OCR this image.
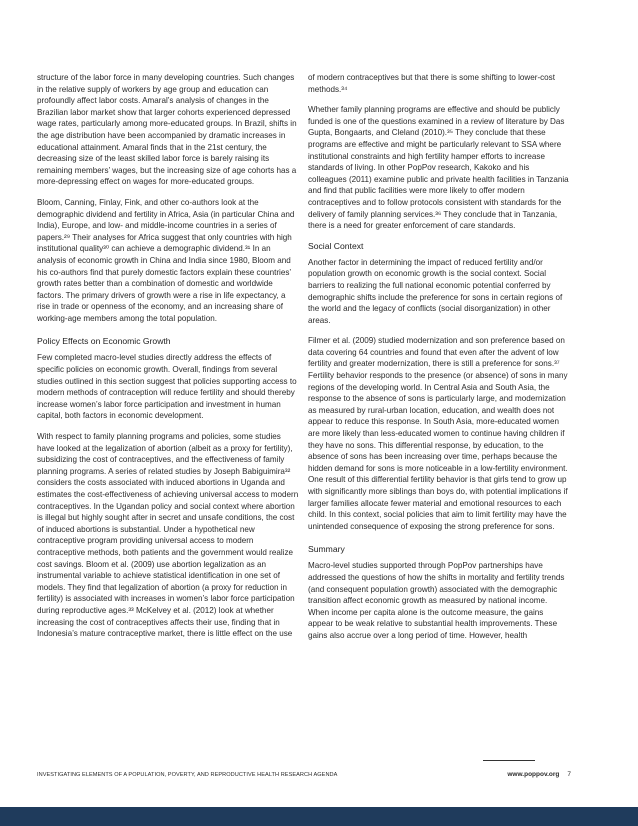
structure of the labor force in many developing countries. Such changes in the relative supply of workers by age group and education can profoundly affect labor costs. Amaral’s analysis of changes in the Brazilian labor market show that larger cohorts experienced depressed wage rates, particularly among more-educated groups. In Brazil, shifts in the age distribution have been accompanied by dramatic increases in educational attainment. Amaral finds that in the 21st century, the decreasing size of the least skilled labor force is barely raising its remaining members’ wages, but the increasing size of age cohorts has a more-depressing effect on wages for more-educated groups.

Bloom, Canning, Finlay, Fink, and other co-authors look at the demographic dividend and fertility in Africa, Asia (in particular China and India), Europe, and low- and middle-income countries in a series of papers.²⁹ Their analyses for Africa suggest that only countries with high institutional quality³⁰ can achieve a demographic dividend.³¹ In an analysis of economic growth in China and India since 1980, Bloom and his co-authors find that purely domestic factors explain these countries’ growth rates better than a combination of domestic and worldwide factors. The primary drivers of growth were a rise in life expectancy, a rise in trade or openness of the economy, and an increasing share of working-age members among the total population.

Policy Effects on Economic Growth

Few completed macro-level studies directly address the effects of specific policies on economic growth. Overall, findings from several studies outlined in this section suggest that policies supporting access to modern methods of contraception will reduce fertility and should thereby increase women’s labor force participation and investment in human capital, both factors in economic development.

With respect to family planning programs and policies, some studies have looked at the legalization of abortion (albeit as a proxy for fertility), subsidizing the cost of contraceptives, and the effectiveness of family planning programs. A series of related studies by Joseph Babiguimira³² considers the costs associated with induced abortions in Uganda and estimates the cost-effectiveness of achieving universal access to modern contraceptives. In the Ugandan policy and social context where abortion is illegal but highly sought after in secret and unsafe conditions, the cost of induced abortions is substantial. Under a hypothetical new contraceptive program providing universal access to modern contraceptive methods, both patients and the government would realize cost savings. Bloom et al. (2009) use abortion legalization as an instrumental variable to achieve statistical identification in one set of models. They find that legalization of abortion (a proxy for reduction in fertility) is associated with increases in women’s labor force participation during reproductive ages.³³ McKelvey et al. (2012) look at whether increasing the cost of contraceptives affects their use, finding that in Indonesia’s mature contraceptive market, there is little effect on the use

of modern contraceptives but that there is some shifting to lower-cost methods.³⁴

Whether family planning programs are effective and should be publicly funded is one of the questions examined in a review of literature by Das Gupta, Bongaarts, and Cleland (2010).³⁵ They conclude that these programs are effective and might be particularly relevant to SSA where institutional constraints and high fertility hamper efforts to increase standards of living. In other PopPov research, Kakoko and his colleagues (2011) examine public and private health facilities in Tanzania and find that public facilities were more likely to offer modern contraceptives and to follow protocols consistent with standards for the delivery of family planning services.³⁶ They conclude that in Tanzania, there is a need for greater enforcement of care standards.

Social Context

Another factor in determining the impact of reduced fertility and/or population growth on economic growth is the social context. Social barriers to realizing the full national economic potential conferred by demographic shifts include the preference for sons in certain regions of the world and the legacy of conflicts (social disorganization) in other areas.

Filmer et al. (2009) studied modernization and son preference based on data covering 64 countries and found that even after the advent of low fertility and greater modernization, there is still a preference for sons.³⁷ Fertility behavior responds to the presence (or absence) of sons in many regions of the developing world. In Central Asia and South Asia, the response to the absence of sons is particularly large, and modernization as measured by rural-urban location, education, and wealth does not appear to reduce this response. In South Asia, more-educated women are more likely than less-educated women to continue having children if they have no sons. This differential response, by education, to the absence of sons has been increasing over time, perhaps because the hidden demand for sons is more noticeable in a low-fertility environment. One result of this differential fertility behavior is that girls tend to grow up with significantly more siblings than boys do, with potential implications if larger families allocate fewer material and emotional resources to each child. In this context, social policies that aim to limit fertility may have the unintended consequence of exposing the strong preference for sons.

Summary

Macro-level studies supported through PopPov partnerships have addressed the questions of how the shifts in mortality and fertility trends (and consequent population growth) associated with the demographic transition affect economic growth as measured by national income. When income per capita alone is the outcome measure, the gains appear to be weak relative to substantial health improvements. These gains also accrue over a long period of time. However, health

INVESTIGATING ELEMENTS OF A POPULATION, POVERTY, AND REPRODUCTIVE HEALTH RESEARCH AGENDA	www.poppov.org 7
